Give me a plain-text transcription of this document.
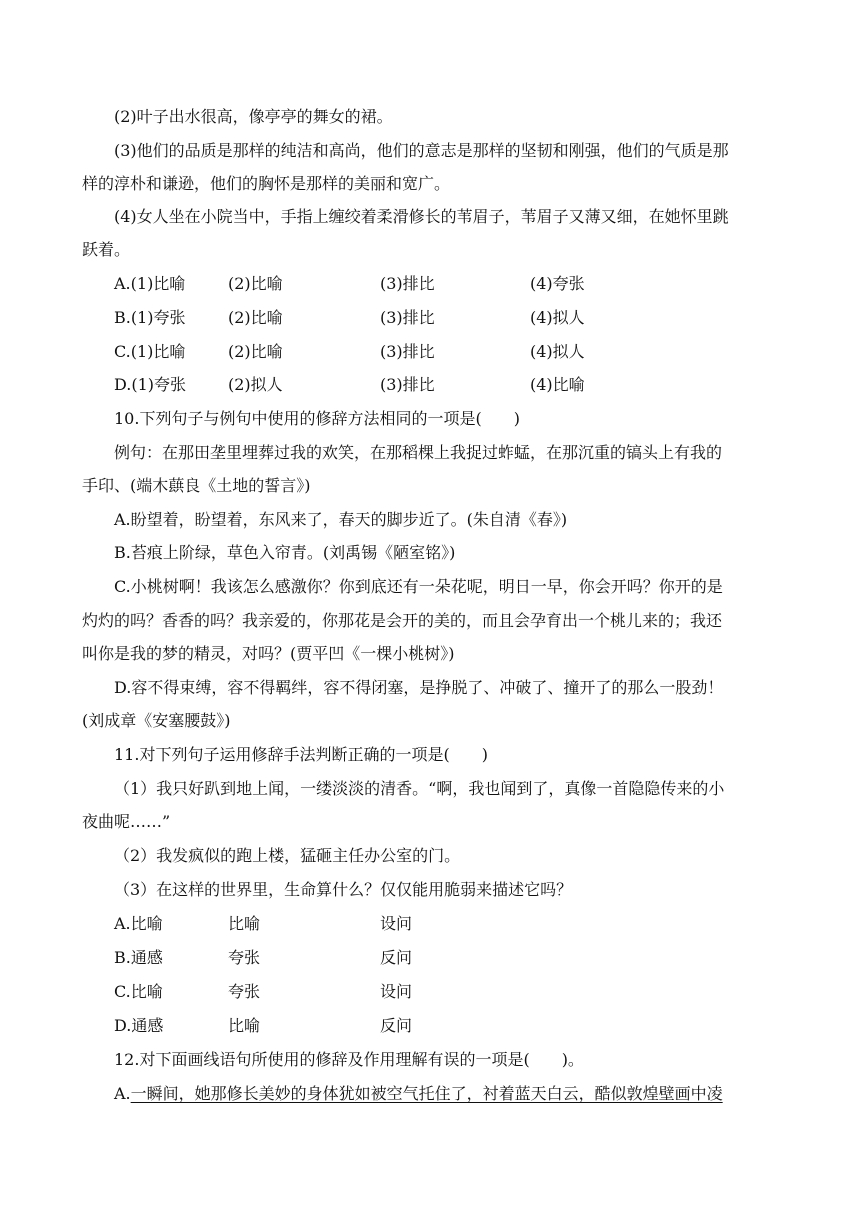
(2)叶子出水很高，像亭亭的舞女的裙。
(3)他们的品质是那样的纯洁和高尚，他们的意志是那样的坚韧和刚强，他们的气质是那
样的淳朴和谦逊，他们的胸怀是那样的美丽和宽广。
(4)女人坐在小院当中，手指上缠绞着柔滑修长的苇眉子，苇眉子又薄又细，在她怀里跳
跃着。
A.(1)比喻	(2)比喻	(3)排比	(4)夸张
B.(1)夸张	(2)比喻	(3)排比	(4)拟人
C.(1)比喻	(2)比喻	(3)排比	(4)拟人
D.(1)夸张	(2)拟人	(3)排比	(4)比喻
10.下列句子与例句中使用的修辞方法相同的一项是(　　)
例句：在那田垄里埋葬过我的欢笑，在那稻棵上我捉过蚱蜢，在那沉重的镐头上有我的
手印、(端木蕻良《土地的誓言》)
A.盼望着，盼望着，东风来了，春天的脚步近了。(朱自清《春》)
B.苔痕上阶绿，草色入帘青。(刘禹锡《陋室铭》)
C.小桃树啊！我该怎么感激你？你到底还有一朵花呢，明日一早，你会开吗？你开的是
灼灼的吗？香香的吗？我亲爱的，你那花是会开的美的，而且会孕育出一个桃儿来的；我还
叫你是我的梦的精灵，对吗？(贾平凹《一棵小桃树》)
D.容不得束缚，容不得羁绊，容不得闭塞，是挣脱了、冲破了、撞开了的那么一股劲！
(刘成章《安塞腰鼓》)
11.对下列句子运用修辞手法判断正确的一项是(　　)
（1）我只好趴到地上闻，一缕淡淡的清香。“啊，我也闻到了，真像一首隐隐传来的小
夜曲呢……”
（2）我发疯似的跑上楼，猛砸主任办公室的门。
（3）在这样的世界里，生命算什么？仅仅能用脆弱来描述它吗？
A.比喻	比喻	设问
B.通感	夸张	反问
C.比喻	夸张	设问
D.通感	比喻	反问
12.对下面画线语句所使用的修辞及作用理解有误的一项是(　　)。
A.一瞬间，她那修长美妙的身体犹如被空气托住了，衬着蓝天白云，酷似敦煌壁画中凌
